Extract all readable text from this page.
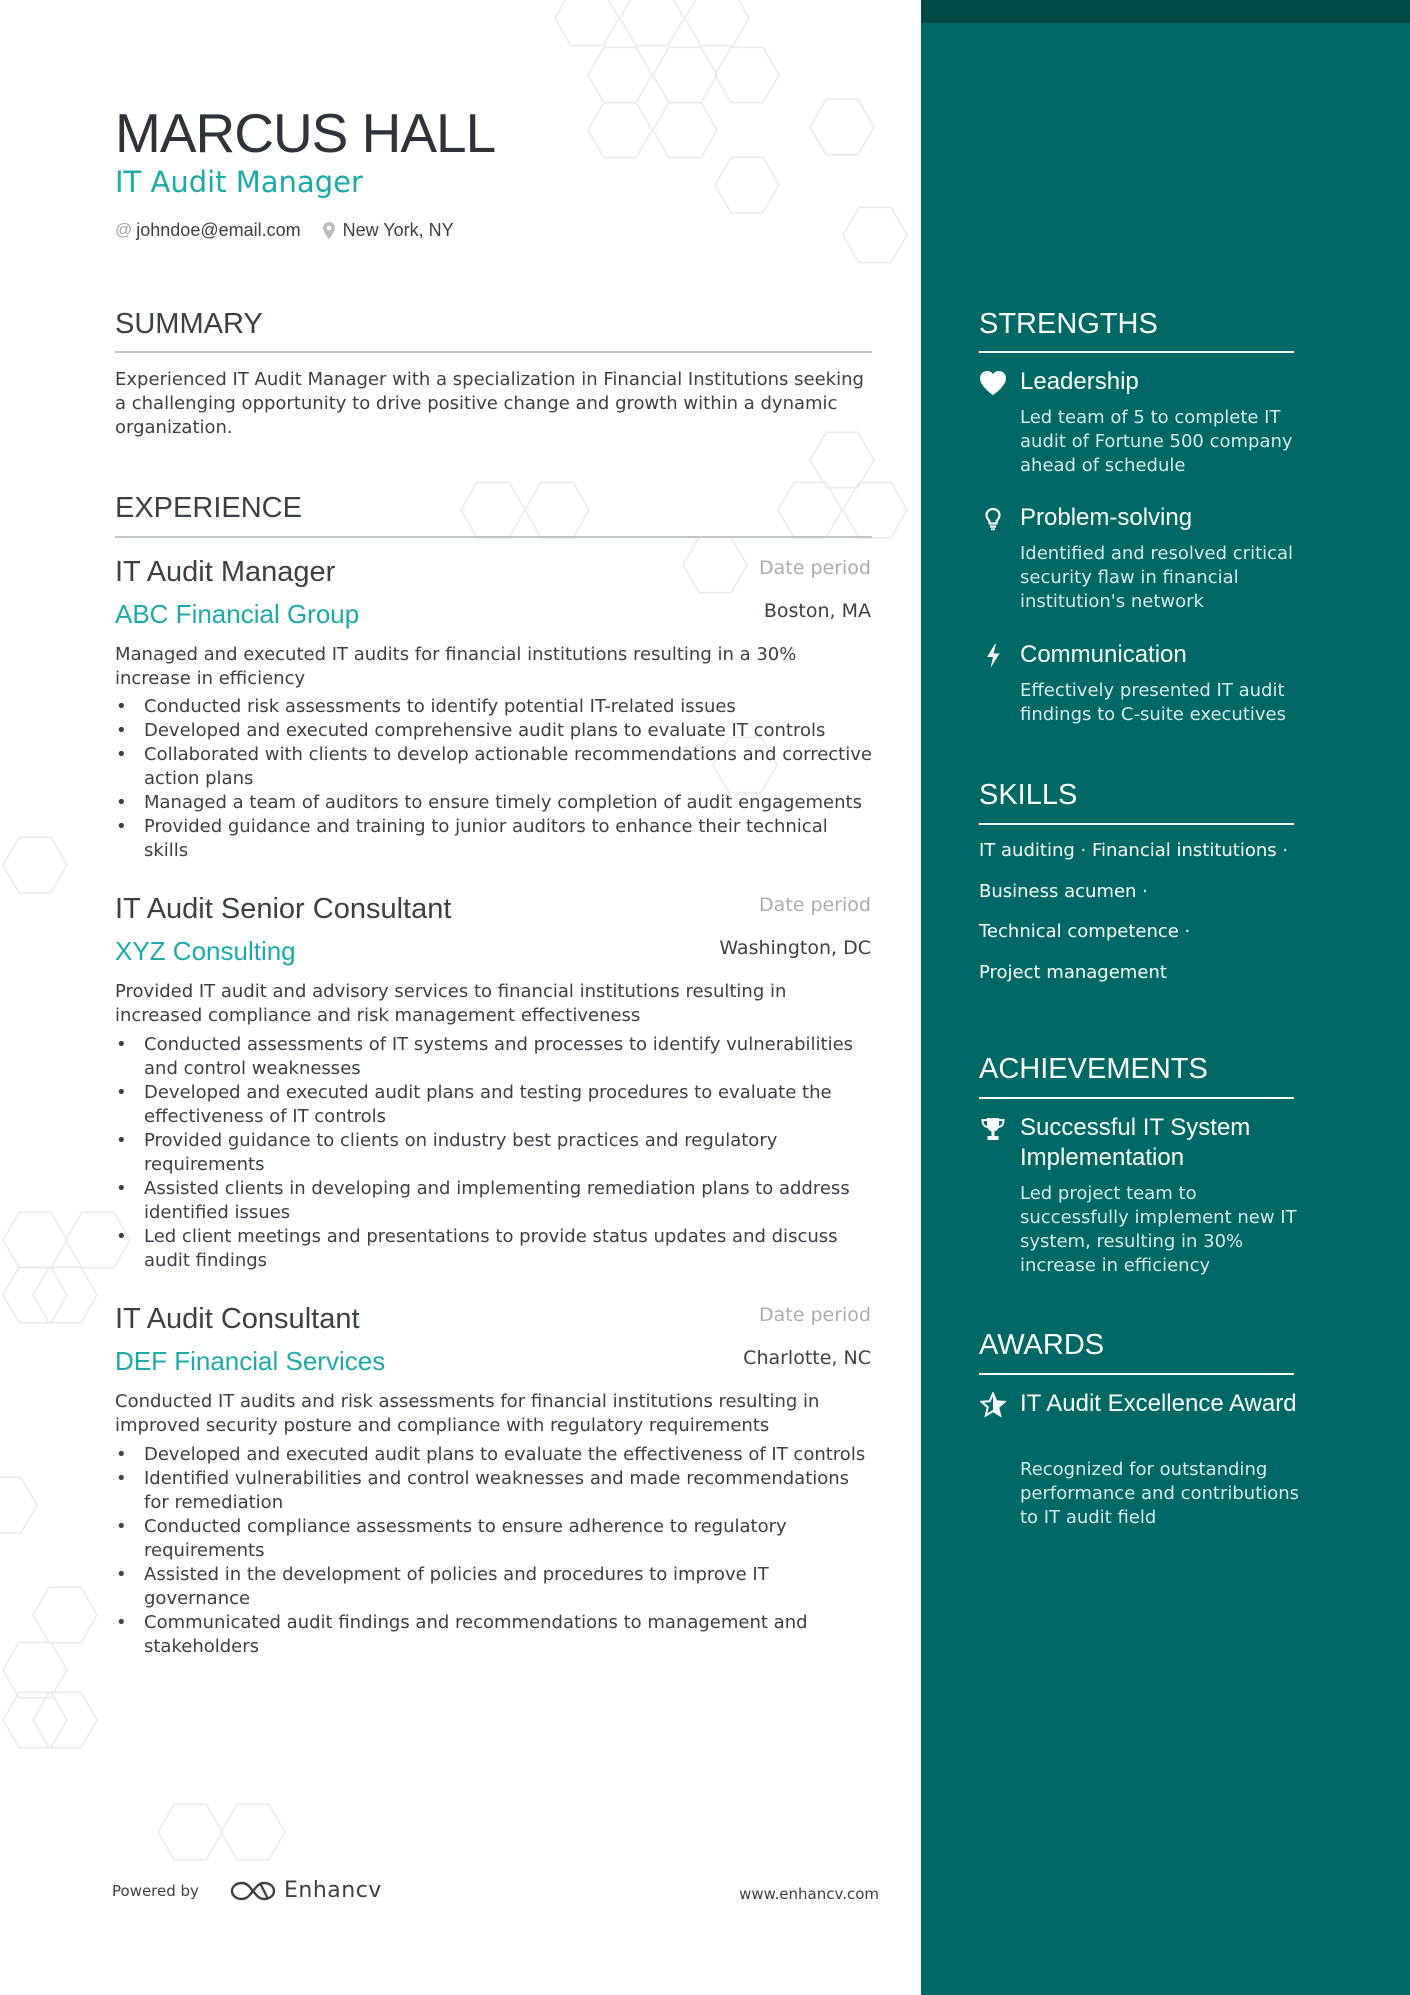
MARCUS HALL
IT Audit Manager
@ johndoe@email.com New York, NY
SUMMARY
Experienced IT Audit Manager with a specialization in Financial Institutions seeking a challenging opportunity to drive positive change and growth within a dynamic organization.
EXPERIENCE
IT Audit Manager	Date period
ABC Financial Group	Boston, MA
Managed and executed IT audits for financial institutions resulting in a 30% increase in efficiency
• Conducted risk assessments to identify potential IT-related issues
• Developed and executed comprehensive audit plans to evaluate IT controls
• Collaborated with clients to develop actionable recommendations and corrective action plans
• Managed a team of auditors to ensure timely completion of audit engagements
• Provided guidance and training to junior auditors to enhance their technical skills
IT Audit Senior Consultant	Date period
XYZ Consulting	Washington, DC
Provided IT audit and advisory services to financial institutions resulting in increased compliance and risk management effectiveness
• Conducted assessments of IT systems and processes to identify vulnerabilities and control weaknesses
• Developed and executed audit plans and testing procedures to evaluate the effectiveness of IT controls
• Provided guidance to clients on industry best practices and regulatory requirements
• Assisted clients in developing and implementing remediation plans to address identified issues
• Led client meetings and presentations to provide status updates and discuss audit findings
IT Audit Consultant	Date period
DEF Financial Services	Charlotte, NC
Conducted IT audits and risk assessments for financial institutions resulting in improved security posture and compliance with regulatory requirements
• Developed and executed audit plans to evaluate the effectiveness of IT controls
• Identified vulnerabilities and control weaknesses and made recommendations for remediation
• Conducted compliance assessments to ensure adherence to regulatory requirements
• Assisted in the development of policies and procedures to improve IT governance
• Communicated audit findings and recommendations to management and stakeholders
STRENGTHS
Leadership
Led team of 5 to complete IT audit of Fortune 500 company ahead of schedule
Problem-solving
Identified and resolved critical security flaw in financial institution's network
Communication
Effectively presented IT audit findings to C-suite executives
SKILLS
IT auditing · Financial institutions ·
Business acumen ·
Technical competence ·
Project management
ACHIEVEMENTS
Successful IT System Implementation
Led project team to successfully implement new IT system, resulting in 30% increase in efficiency
AWARDS
IT Audit Excellence Award
Recognized for outstanding performance and contributions to IT audit field
Powered by	Enhancv	www.enhancv.com
